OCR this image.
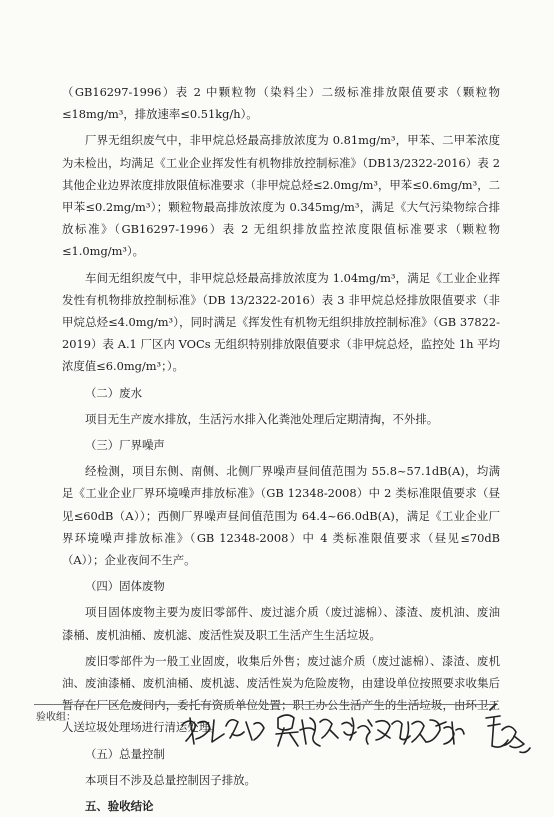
（GB16297-1996）表 2 中颗粒物（染料尘）二级标准排放限值要求（颗粒物≤18mg/m³，排放速率≤0.51kg/h）。

厂界无组织废气中，非甲烷总烃最高排放浓度为 0.81mg/m³，甲苯、二甲苯浓度为未检出，均满足《工业企业挥发性有机物排放控制标准》（DB13/2322-2016）表 2 其他企业边界浓度排放限值标准要求（非甲烷总烃≤2.0mg/m³，甲苯≤0.6mg/m³，二甲苯≤0.2mg/m³）；颗粒物最高排放浓度为 0.345mg/m³，满足《大气污染物综合排放标准》（GB16297-1996）表 2 无组织排放监控浓度限值标准要求（颗粒物≤1.0mg/m³）。

车间无组织废气中，非甲烷总烃最高排放浓度为 1.04mg/m³，满足《工业企业挥发性有机物排放控制标准》（DB 13/2322-2016）表 3 非甲烷总烃排放限值要求（非甲烷总烃≤4.0mg/m³），同时满足《挥发性有机物无组织排放控制标准》（GB 37822-2019）表 A.1 厂区内 VOCs 无组织特别排放限值要求（非甲烷总烃，监控处 1h 平均浓度值≤6.0mg/m³；）。

（二）废水

项目无生产废水排放，生活污水排入化粪池处理后定期清掏，不外排。

（三）厂界噪声

经检测，项目东侧、南侧、北侧厂界噪声昼间值范围为 55.8~57.1dB(A)，均满足《工业企业厂界环境噪声排放标准》（GB 12348-2008）中 2 类标准限值要求（昼见≤60dB（A））；西侧厂界噪声昼间值范围为 64.4~66.0dB(A)，满足《工业企业厂界环境噪声排放标准》（GB 12348-2008）中 4 类标准限值要求（昼见≤70dB（A））；企业夜间不生产。

（四）固体废物

项目固体废物主要为废旧零部件、废过滤介质（废过滤棉）、漆渣、废机油、废油漆桶、废机油桶、废机滤、废活性炭及职工生活产生生活垃圾。

废旧零部件为一般工业固废，收集后外售；废过滤介质（废过滤棉）、漆渣、废机油、废油漆桶、废机油桶、废机滤、废活性炭为危险废物，由建设单位按照要求收集后暂存在厂区危废间内，委托有资质单位处置；职工办公生活产生的生活垃圾，由环卫工人送垃圾处理场进行清运处理。

（五）总量控制

本项目不涉及总量控制因子排放。

五、验收结论

验收组：
